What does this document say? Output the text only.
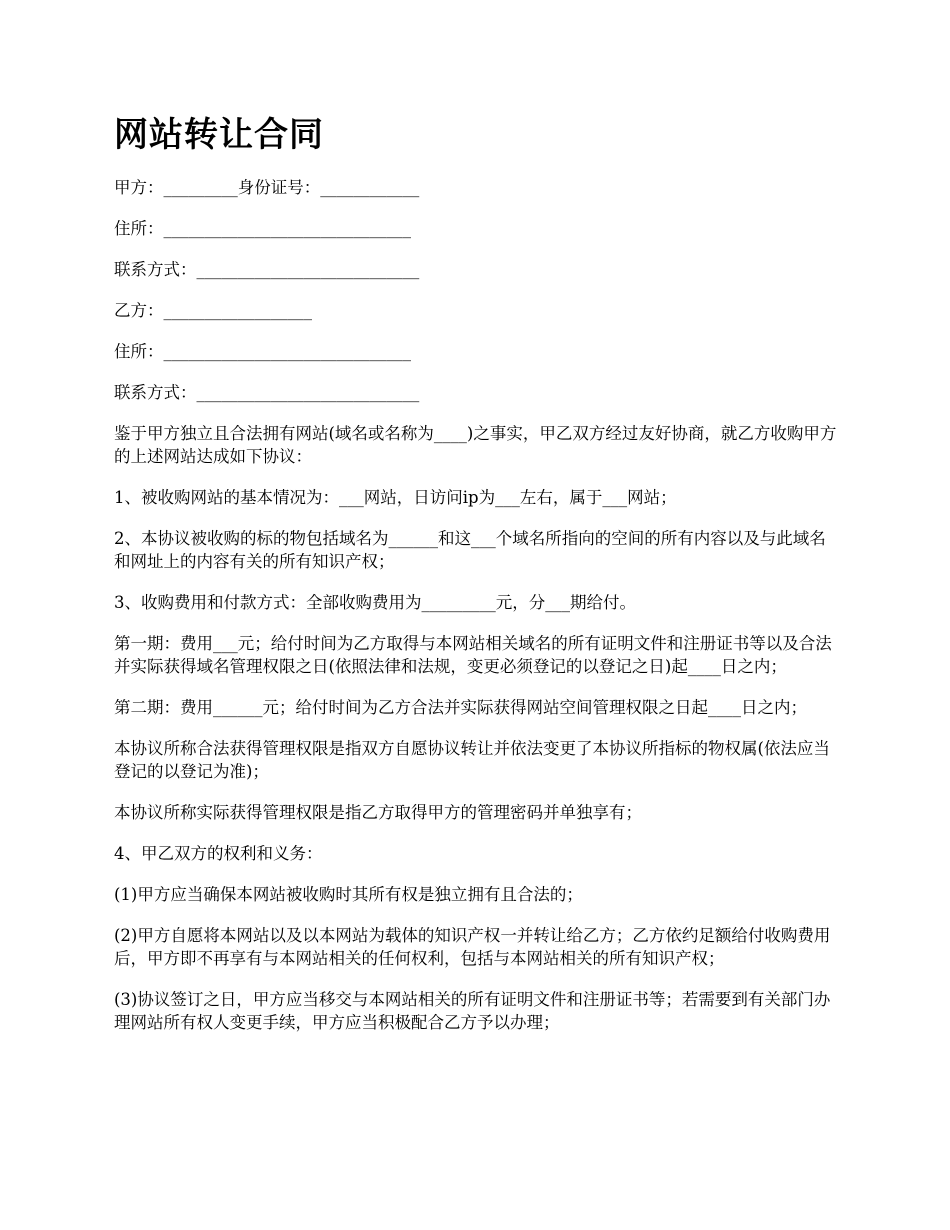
网站转让合同

甲方：_________身份证号：____________

住所：______________________________

联系方式：___________________________

乙方：__________________

住所：______________________________

联系方式：___________________________

鉴于甲方独立且合法拥有网站(域名或名称为____)之事实，甲乙双方经过友好协商，就乙方收购甲方的上述网站达成如下协议：

1、被收购网站的基本情况为：___网站，日访问ip为___左右，属于___网站；

2、本协议被收购的标的物包括域名为______和这___个域名所指向的空间的所有内容以及与此域名和网址上的内容有关的所有知识产权；

3、收购费用和付款方式：全部收购费用为_________元，分___期给付。

第一期：费用___元；给付时间为乙方取得与本网站相关域名的所有证明文件和注册证书等以及合法并实际获得域名管理权限之日(依照法律和法规，变更必须登记的以登记之日)起____日之内；

第二期：费用______元；给付时间为乙方合法并实际获得网站空间管理权限之日起____日之内；

本协议所称合法获得管理权限是指双方自愿协议转让并依法变更了本协议所指标的物权属(依法应当登记的以登记为准)；

本协议所称实际获得管理权限是指乙方取得甲方的管理密码并单独享有；

4、甲乙双方的权利和义务：

(1)甲方应当确保本网站被收购时其所有权是独立拥有且合法的；

(2)甲方自愿将本网站以及以本网站为载体的知识产权一并转让给乙方；乙方依约足额给付收购费用后，甲方即不再享有与本网站相关的任何权利，包括与本网站相关的所有知识产权；

(3)协议签订之日，甲方应当移交与本网站相关的所有证明文件和注册证书等；若需要到有关部门办理网站所有权人变更手续，甲方应当积极配合乙方予以办理；
